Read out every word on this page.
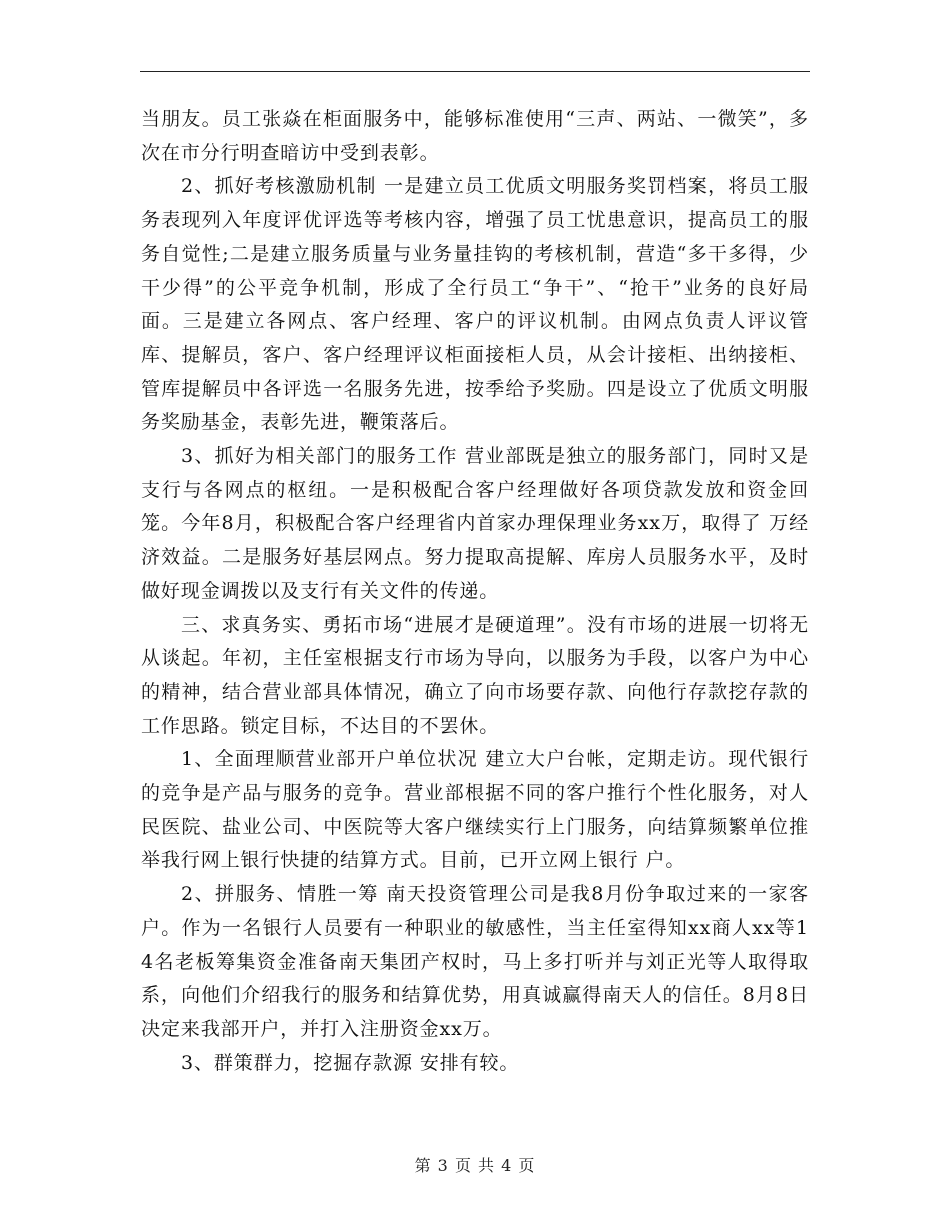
当朋友。员工张焱在柜面服务中，能够标准使用“三声、两站、一微笑”，多次在市分行明查暗访中受到表彰。

2、抓好考核激励机制 一是建立员工优质文明服务奖罚档案，将员工服务表现列入年度评优评选等考核内容，增强了员工忧患意识，提高员工的服务自觉性;二是建立服务质量与业务量挂钩的考核机制，营造“多干多得，少干少得”的公平竞争机制，形成了全行员工“争干”、“抢干”业务的良好局面。三是建立各网点、客户经理、客户的评议机制。由网点负责人评议管库、提解员，客户、客户经理评议柜面接柜人员，从会计接柜、出纳接柜、管库提解员中各评选一名服务先进，按季给予奖励。四是设立了优质文明服务奖励基金，表彰先进，鞭策落后。

3、抓好为相关部门的服务工作 营业部既是独立的服务部门，同时又是支行与各网点的枢纽。一是积极配合客户经理做好各项贷款发放和资金回笼。今年8月，积极配合客户经理省内首家办理保理业务xx万，取得了 万经济效益。二是服务好基层网点。努力提取高提解、库房人员服务水平，及时做好现金调拨以及支行有关文件的传递。

三、求真务实、勇拓市场“进展才是硬道理”。没有市场的进展一切将无从谈起。年初，主任室根据支行市场为导向，以服务为手段，以客户为中心的精神，结合营业部具体情况，确立了向市场要存款、向他行存款挖存款的工作思路。锁定目标，不达目的不罢休。

1、全面理顺营业部开户单位状况 建立大户台帐，定期走访。现代银行的竞争是产品与服务的竞争。营业部根据不同的客户推行个性化服务，对人民医院、盐业公司、中医院等大客户继续实行上门服务，向结算频繁单位推举我行网上银行快捷的结算方式。目前，已开立网上银行 户。

2、拼服务、情胜一筹 南天投资管理公司是我8月份争取过来的一家客户。作为一名银行人员要有一种职业的敏感性，当主任室得知xx商人xx等14名老板筹集资金准备南天集团产权时，马上多打听并与刘正光等人取得取系，向他们介绍我行的服务和结算优势，用真诚赢得南天人的信任。8月8日决定来我部开户，并打入注册资金xx万。

3、群策群力，挖掘存款源 安排有较。

第 3 页 共 4 页
